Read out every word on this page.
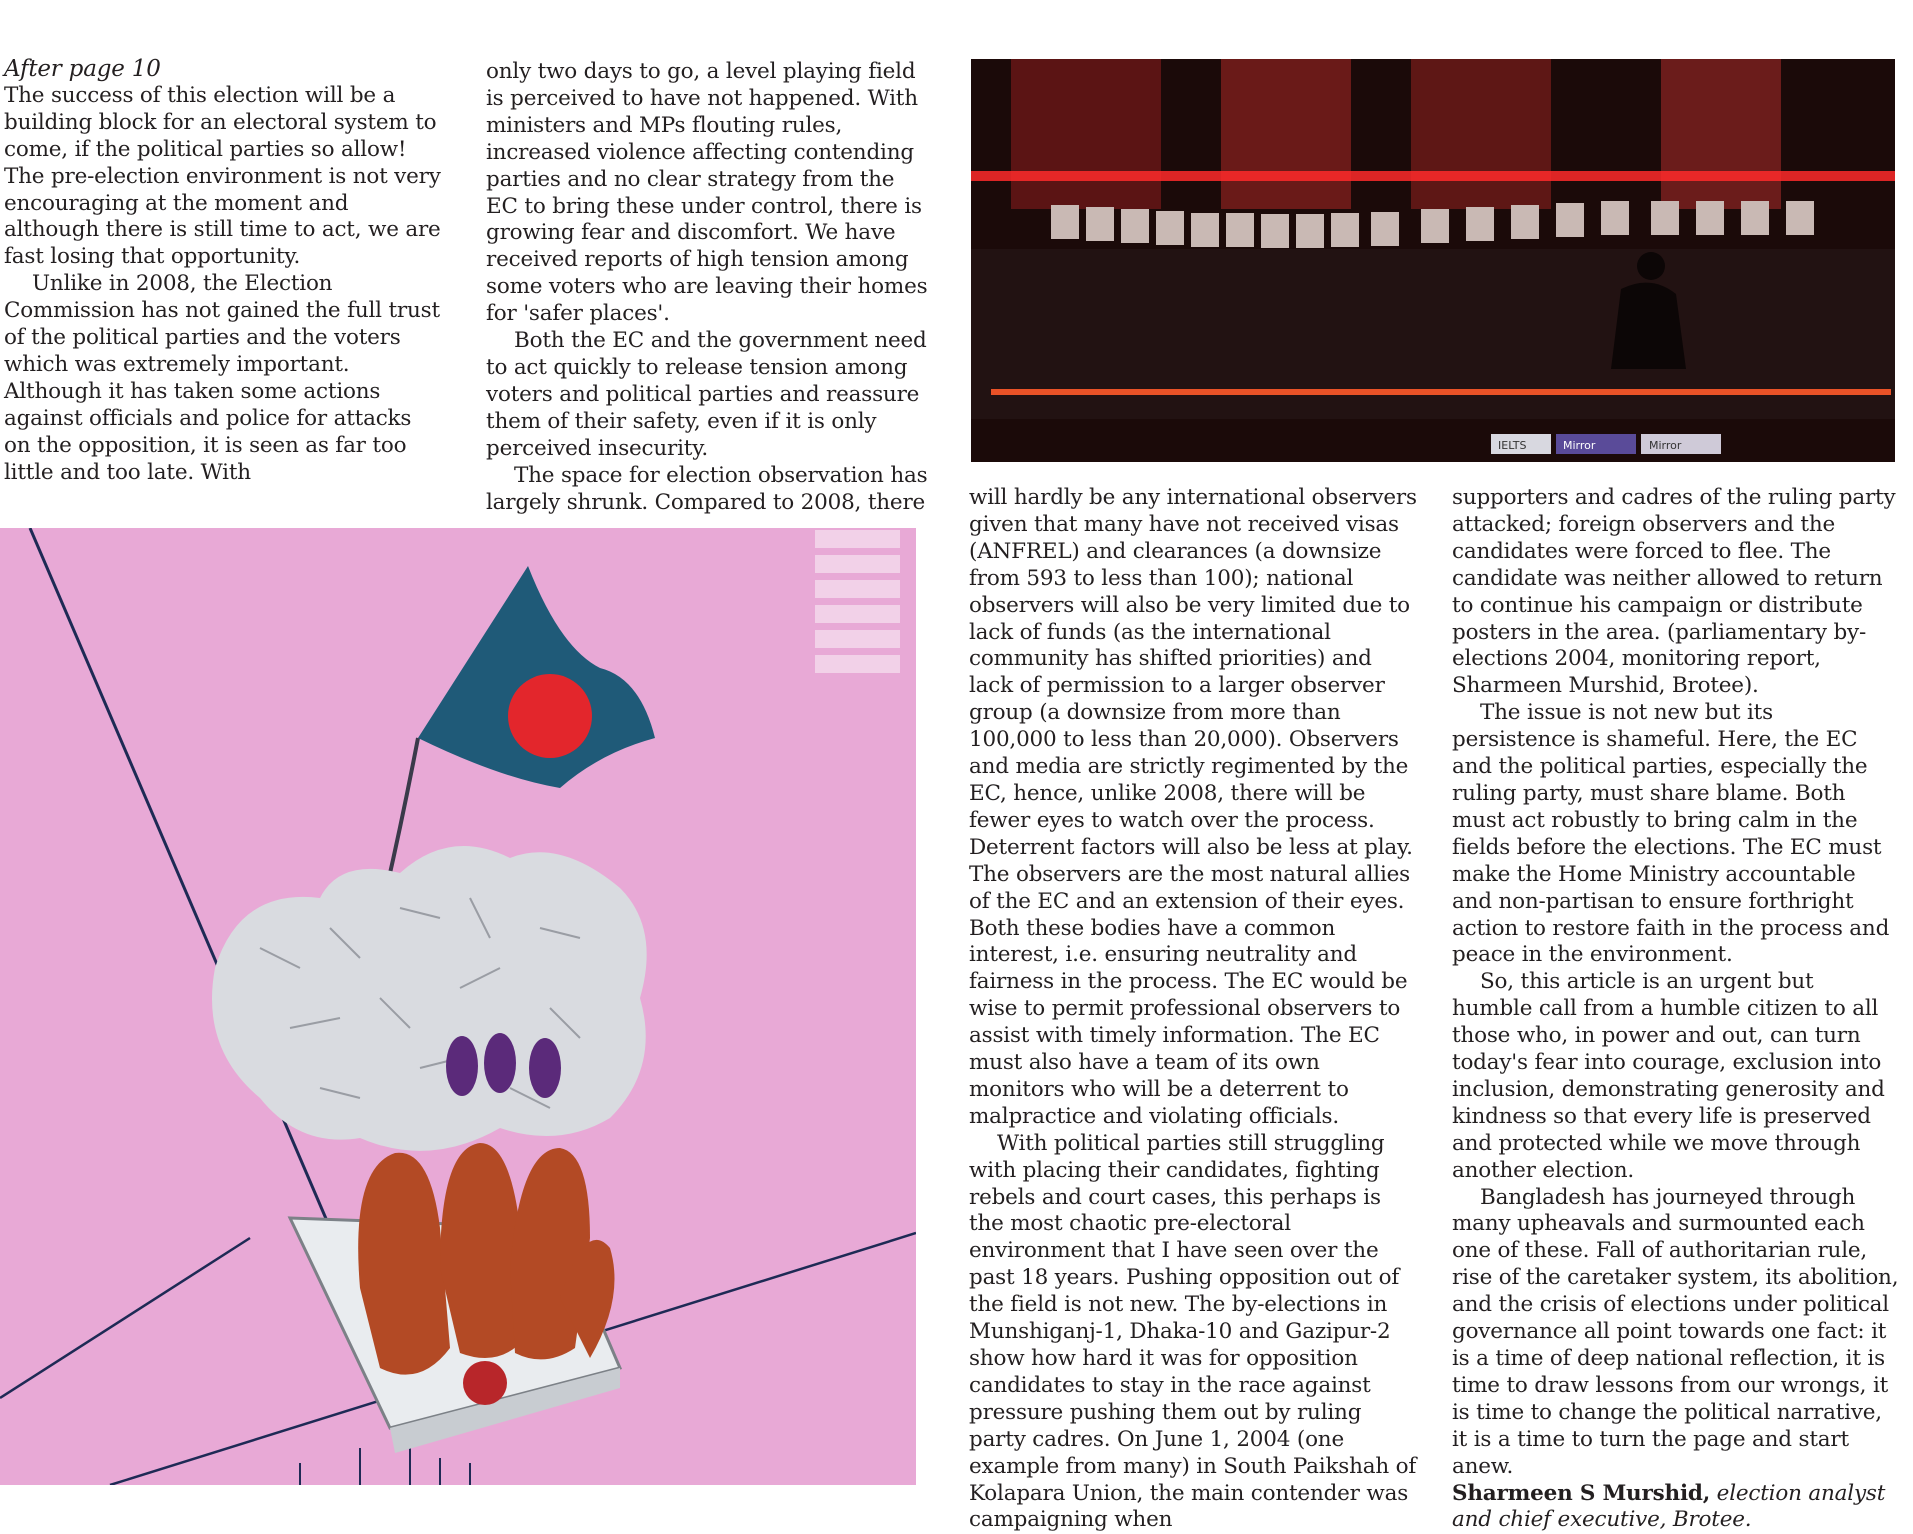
After page 10

The success of this election will be a building block for an electoral system to come, if the political parties so allow! The pre-election environment is not very encouraging at the moment and although there is still time to act, we are fast losing that opportunity.

Unlike in 2008, the Election Commission has not gained the full trust of the political parties and the voters which was extremely important. Although it has taken some actions against officials and police for attacks on the opposition, it is seen as far too little and too late. With

only two days to go, a level playing field is perceived to have not happened. With ministers and MPs flouting rules, increased violence affecting contending parties and no clear strategy from the EC to bring these under control, there is growing fear and discomfort. We have received reports of high tension among some voters who are leaving their homes for 'safer places'.

Both the EC and the government need to act quickly to release tension among voters and political parties and reassure them of their safety, even if it is only perceived insecurity.

The space for election observation has largely shrunk. Compared to 2008, there

IELTS	Mirror	Mirror

will hardly be any international observers given that many have not received visas (ANFREL) and clearances (a downsize from 593 to less than 100); national observers will also be very limited due to lack of funds (as the international community has shifted priorities) and lack of permission to a larger observer group (a downsize from more than 100,000 to less than 20,000). Observers and media are strictly regimented by the EC, hence, unlike 2008, there will be fewer eyes to watch over the process. Deterrent factors will also be less at play. The observers are the most natural allies of the EC and an extension of their eyes. Both these bodies have a common interest, i.e. ensuring neutrality and fairness in the process. The EC would be wise to permit professional observers to assist with timely information. The EC must also have a team of its own monitors who will be a deterrent to malpractice and violating officials.

With political parties still struggling with placing their candidates, fighting rebels and court cases, this perhaps is the most chaotic pre-electoral environment that I have seen over the past 18 years. Pushing opposition out of the field is not new. The by-elections in Munshiganj-1, Dhaka-10 and Gazipur-2 show how hard it was for opposition candidates to stay in the race against pressure pushing them out by ruling party cadres. On June 1, 2004 (one example from many) in South Paikshah of Kolapara Union, the main contender was campaigning when

supporters and cadres of the ruling party attacked; foreign observers and the candidates were forced to flee. The candidate was neither allowed to return to continue his campaign or distribute posters in the area. (parliamentary by-elections 2004, monitoring report, Sharmeen Murshid, Brotee).

The issue is not new but its persistence is shameful. Here, the EC and the political parties, especially the ruling party, must share blame. Both must act robustly to bring calm in the fields before the elections. The EC must make the Home Ministry accountable and non-partisan to ensure forthright action to restore faith in the process and peace in the environment.

So, this article is an urgent but humble call from a humble citizen to all those who, in power and out, can turn today's fear into courage, exclusion into inclusion, demonstrating generosity and kindness so that every life is preserved and protected while we move through another election.

Bangladesh has journeyed through many upheavals and surmounted each one of these. Fall of authoritarian rule, rise of the caretaker system, its abolition, and the crisis of elections under political governance all point towards one fact: it is a time of deep national reflection, it is time to draw lessons from our wrongs, it is time to change the political narrative, it is a time to turn the page and start anew.

Sharmeen S Murshid, election analyst and chief executive, Brotee.
